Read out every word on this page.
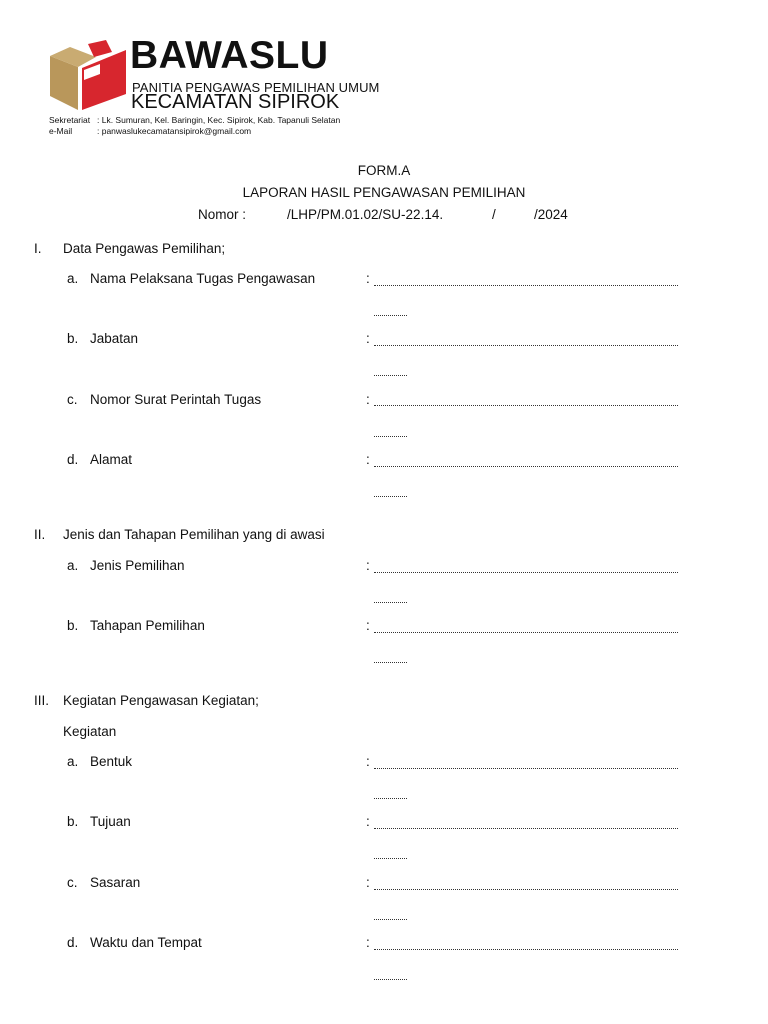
BAWASLU
PANITIA PENGAWAS PEMILIHAN UMUM
KECAMATAN SIPIROK
Sekretariat : Lk. Sumuran, Kel. Baringin, Kec. Sipirok, Kab. Tapanuli Selatan
e-Mail	: panwaslukecamatansipirok@gmail.com
FORM.A
LAPORAN HASIL PENGAWASAN PEMILIHAN
Nomor :	/LHP/PM.01.02/SU-22.14.	/	/2024
I.	Data Pengawas Pemilihan;
a. Nama Pelaksana Tugas Pengawasan	:
b. Jabatan	:
c. Nomor Surat Perintah Tugas	:
d. Alamat	:
II.	Jenis dan Tahapan Pemilihan yang di awasi
a. Jenis Pemilihan	:
b. Tahapan Pemilihan	:
III.	Kegiatan Pengawasan Kegiatan;
Kegiatan
a. Bentuk	:
b. Tujuan	:
c. Sasaran	:
d. Waktu dan Tempat	:
